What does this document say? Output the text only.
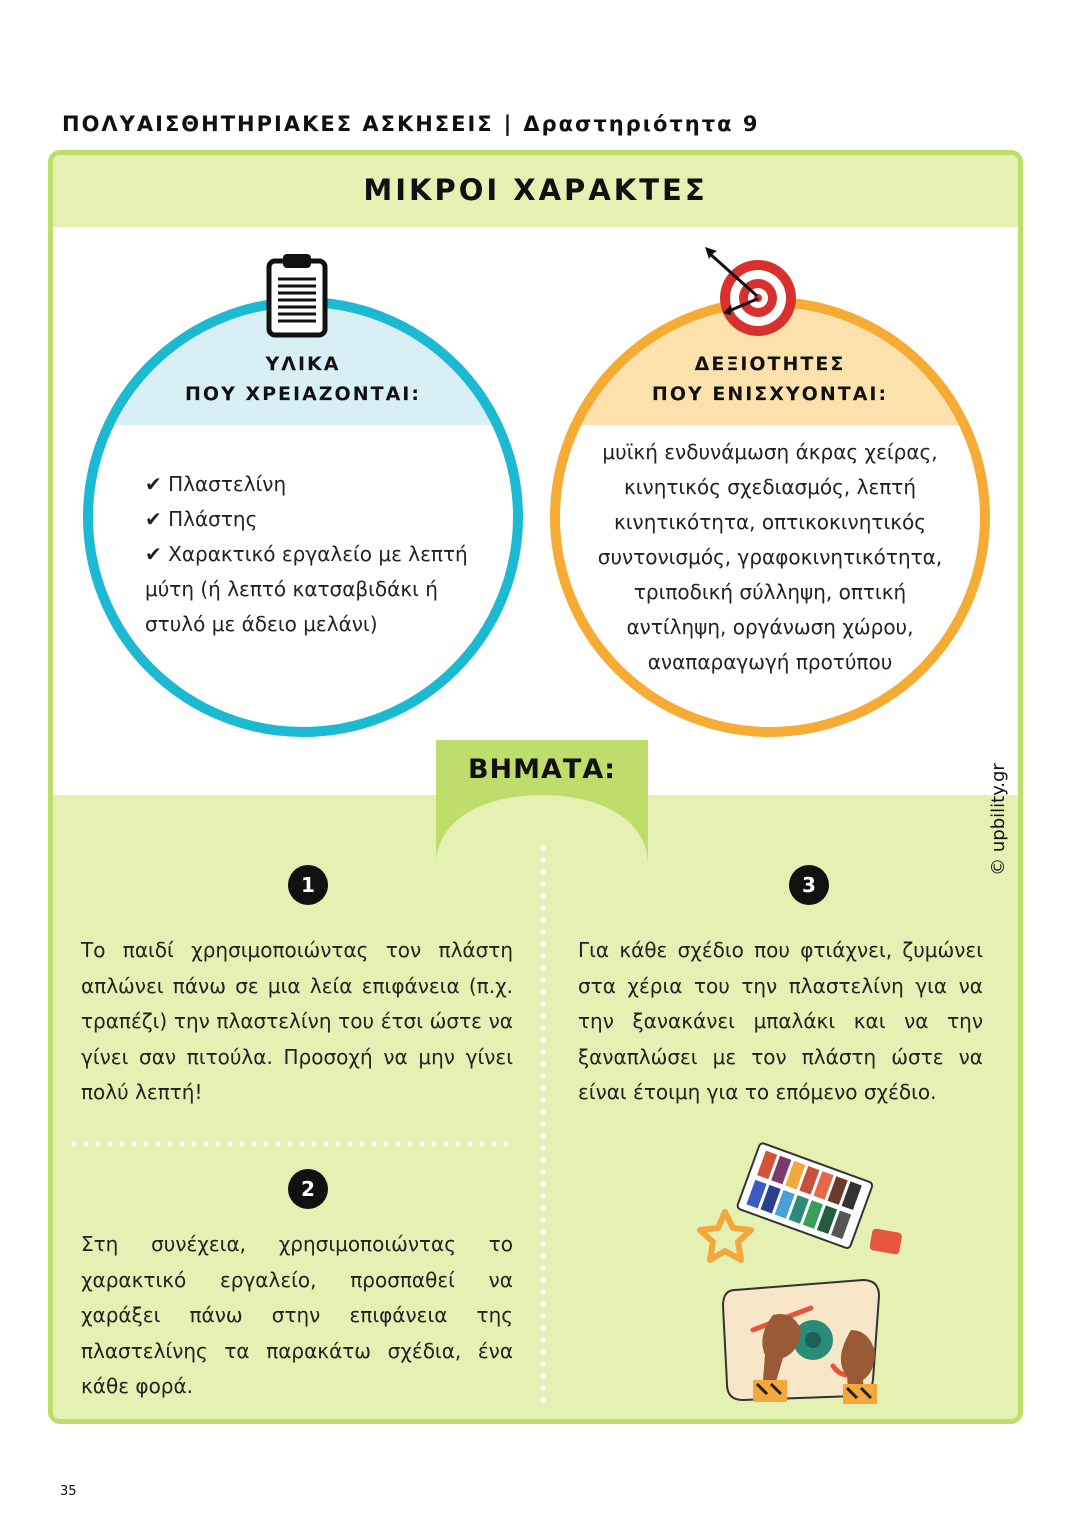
ΠΟΛΥΑΙΣΘΗΤΗΡΙΑΚΕΣ ΑΣΚΗΣΕΙΣ | Δραστηριότητα 9
ΜΙΚΡΟΙ ΧΑΡΑΚΤΕΣ
ΥΛΙΚΑ
ΠΟΥ ΧΡΕΙΑΖΟΝΤΑΙ:
✔ Πλαστελίνη
✔ Πλάστης
✔ Χαρακτικό εργαλείο με λεπτή μύτη (ή λεπτό κατσαβιδάκι ή στυλό με άδειο μελάνι)
ΔΕΞΙΟΤΗΤΕΣ
ΠΟΥ ΕΝΙΣΧΥΟΝΤΑΙ:
μυϊκή ενδυνάμωση άκρας χείρας, κινητικός σχεδιασμός, λεπτή κινητικότητα, οπτικοκινητικός συντονισμός, γραφοκινητικότητα, τριποδική σύλληψη, οπτική αντίληψη, οργάνωση χώρου, αναπαραγωγή προτύπου
© upbility.gr
ΒΗΜΑΤΑ:
1
Το παιδί χρησιμοποιώντας τον πλάστη απλώνει πάνω σε μια λεία επιφάνεια (π.χ. τραπέζι) την πλαστελίνη του έτσι ώστε να γίνει σαν πιτούλα. Προσοχή να μην γίνει πολύ λεπτή!
2
Στη συνέχεια, χρησιμοποιώντας το χαρακτικό εργαλείο, προσπαθεί να χαράξει πάνω στην επιφάνεια της πλαστελίνης τα παρακάτω σχέδια, ένα κάθε φορά.
3
Για κάθε σχέδιο που φτιάχνει, ζυμώνει στα χέρια του την πλαστελίνη για να την ξανακάνει μπαλάκι και να την ξαναπλώσει με τον πλάστη ώστε να είναι έτοιμη για το επόμενο σχέδιο.
35
